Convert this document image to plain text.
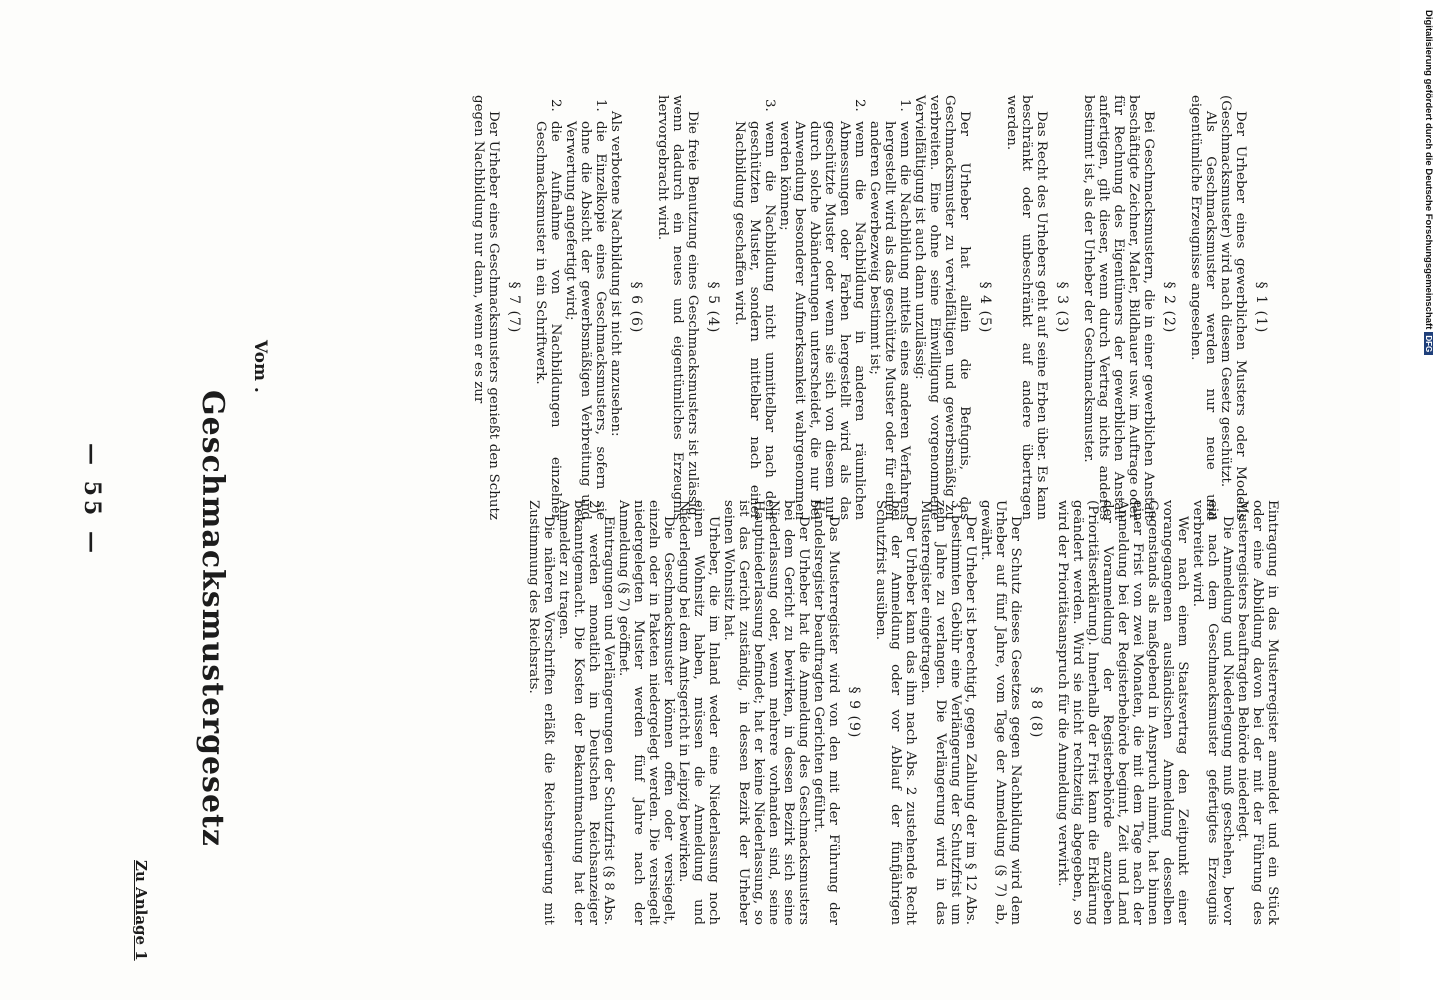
— 55 —
Zu Anlage 1
Geschmacksmustergesetz
Vom .
§ 1 (1)

Der Urheber eines gewerblichen Musters oder Modells (Geschmacksmuster) wird nach diesem Gesetz geschützt.

Als Geschmacksmuster werden nur neue und eigentümliche Erzeugnisse angesehen.

§ 2 (2)

Bei Geschmacksmustern, die in einer gewerblichen Anstalt beschäftigte Zeichner, Maler, Bildhauer usw. im Auftrage oder für Rechnung des Eigentümers der gewerblichen Anstalt anfertigen, gilt dieser, wenn durch Vertrag nichts anderes bestimmt ist, als der Urheber der Geschmacksmuster.

§ 3 (3)

Das Recht des Urhebers geht auf seine Erben über. Es kann beschränkt oder unbeschränkt auf andere übertragen werden.

§ 4 (5)

Der Urheber hat allein die Befugnis, das Geschmacksmuster zu vervielfältigen und gewerbsmäßig zu verbreiten. Eine ohne seine Einwilligung vorgenommene Vervielfältigung ist auch dann unzulässig:

1.
wenn die Nachbildung mittels eines anderen Verfahrens hergestellt wird als das geschützte Muster oder für einen anderen Gewerbezweig bestimmt ist;

2.
wenn die Nachbildung in anderen räumlichen Abmessungen oder Farben hergestellt wird als das geschützte Muster oder wenn sie sich von diesem nur durch solche Abänderungen unterscheidet, die nur bei Anwendung besonderer Aufmerksamkeit wahrgenommen werden können;

3.
wenn die Nachbildung nicht unmittelbar nach dem geschützten Muster, sondern mittelbar nach einer Nachbildung geschaffen wird.

§ 5 (4)

Die freie Benutzung eines Geschmacksmusters ist zulässig, wenn dadurch ein neues und eigentümliches Erzeugnis hervorgebracht wird.

§ 6 (6)

Als verbotene Nachbildung ist nicht anzusehen:

1.
die Einzelkopie eines Geschmacksmusters, sofern sie ohne die Absicht der gewerbsmäßigen Verbreitung und Verwertung angefertigt wird;

2.
die Aufnahme von Nachbildungen einzelner Geschmacksmuster in ein Schriftwerk.

§ 7 (7)

Der Urheber eines Geschmacksmusters genießt den Schutz gegen Nachbildung nur dann, wenn er es zur

Eintragung in das Musterregister anmeldet und ein Stück oder eine Abbildung davon bei der mit der Führung des Musterregisters beauftragten Behörde niederlegt.

Die Anmeldung und Niederlegung muß geschehen, bevor ein nach dem Geschmacksmuster gefertigtes Erzeugnis verbreitet wird.

Wer nach einem Staatsvertrag den Zeitpunkt einer vorangegangenen ausländischen Anmeldung desselben Gegenstands als maßgebend in Anspruch nimmt, hat binnen einer Frist von zwei Monaten, die mit dem Tage nach der Anmeldung bei der Registerbehörde beginnt, Zeit und Land der Voranmeldung der Registerbehörde anzugeben (Prioritätserklärung). Innerhalb der Frist kann die Erklärung geändert werden. Wird sie nicht rechtzeitig abgegeben, so wird der Prioritätsanspruch für die Anmeldung verwirkt.

§ 8 (8)

Der Schutz dieses Gesetzes gegen Nachbildung wird dem Urheber auf fünf Jahre, vom Tage der Anmeldung (§ 7) ab, gewährt.

Der Urheber ist berechtigt, gegen Zahlung der im § 12 Abs. 3 bestimmten Gebühr eine Verlängerung der Schutzfrist um zehn Jahre zu verlangen. Die Verlängerung wird in das Musterregister eingetragen.

Der Urheber kann das ihm nach Abs. 2 zustehende Recht bei der Anmeldung oder vor Ablauf der fünfjährigen Schutzfrist ausüben.

§ 9 (9)

Das Musterregister wird von den mit der Führung der Handelsregister beauftragten Gerichten geführt.

Der Urheber hat die Anmeldung des Geschmacksmusters bei dem Gericht zu bewirken, in dessen Bezirk sich seine Niederlassung oder, wenn mehrere vorhanden sind, seine Hauptniederlassung befindet; hat er keine Niederlassung, so ist das Gericht zuständig, in dessen Bezirk der Urheber seinen Wohnsitz hat.

Urheber, die im Inland weder eine Niederlassung noch einen Wohnsitz haben, müssen die Anmeldung und Niederlegung bei dem Amtsgericht in Leipzig bewirken.

Die Geschmacksmuster können offen oder versiegelt, einzeln oder in Paketen niedergelegt werden. Die versiegelt niedergelegten Muster werden fünf Jahre nach der Anmeldung (§ 7) geöffnet.

Eintragungen und Verlängerungen der Schutzfrist (§ 8 Abs. 2) werden monatlich im Deutschen Reichsanzeiger bekanntgemacht. Die Kosten der Bekanntmachung hat der Anmelder zu tragen.

Die näheren Vorschriften erläßt die Reichsregierung mit Zustimmung des Reichsrats.

Digitalisierung gefördert durch die Deutsche ForschungsgemeinschaftDFG
